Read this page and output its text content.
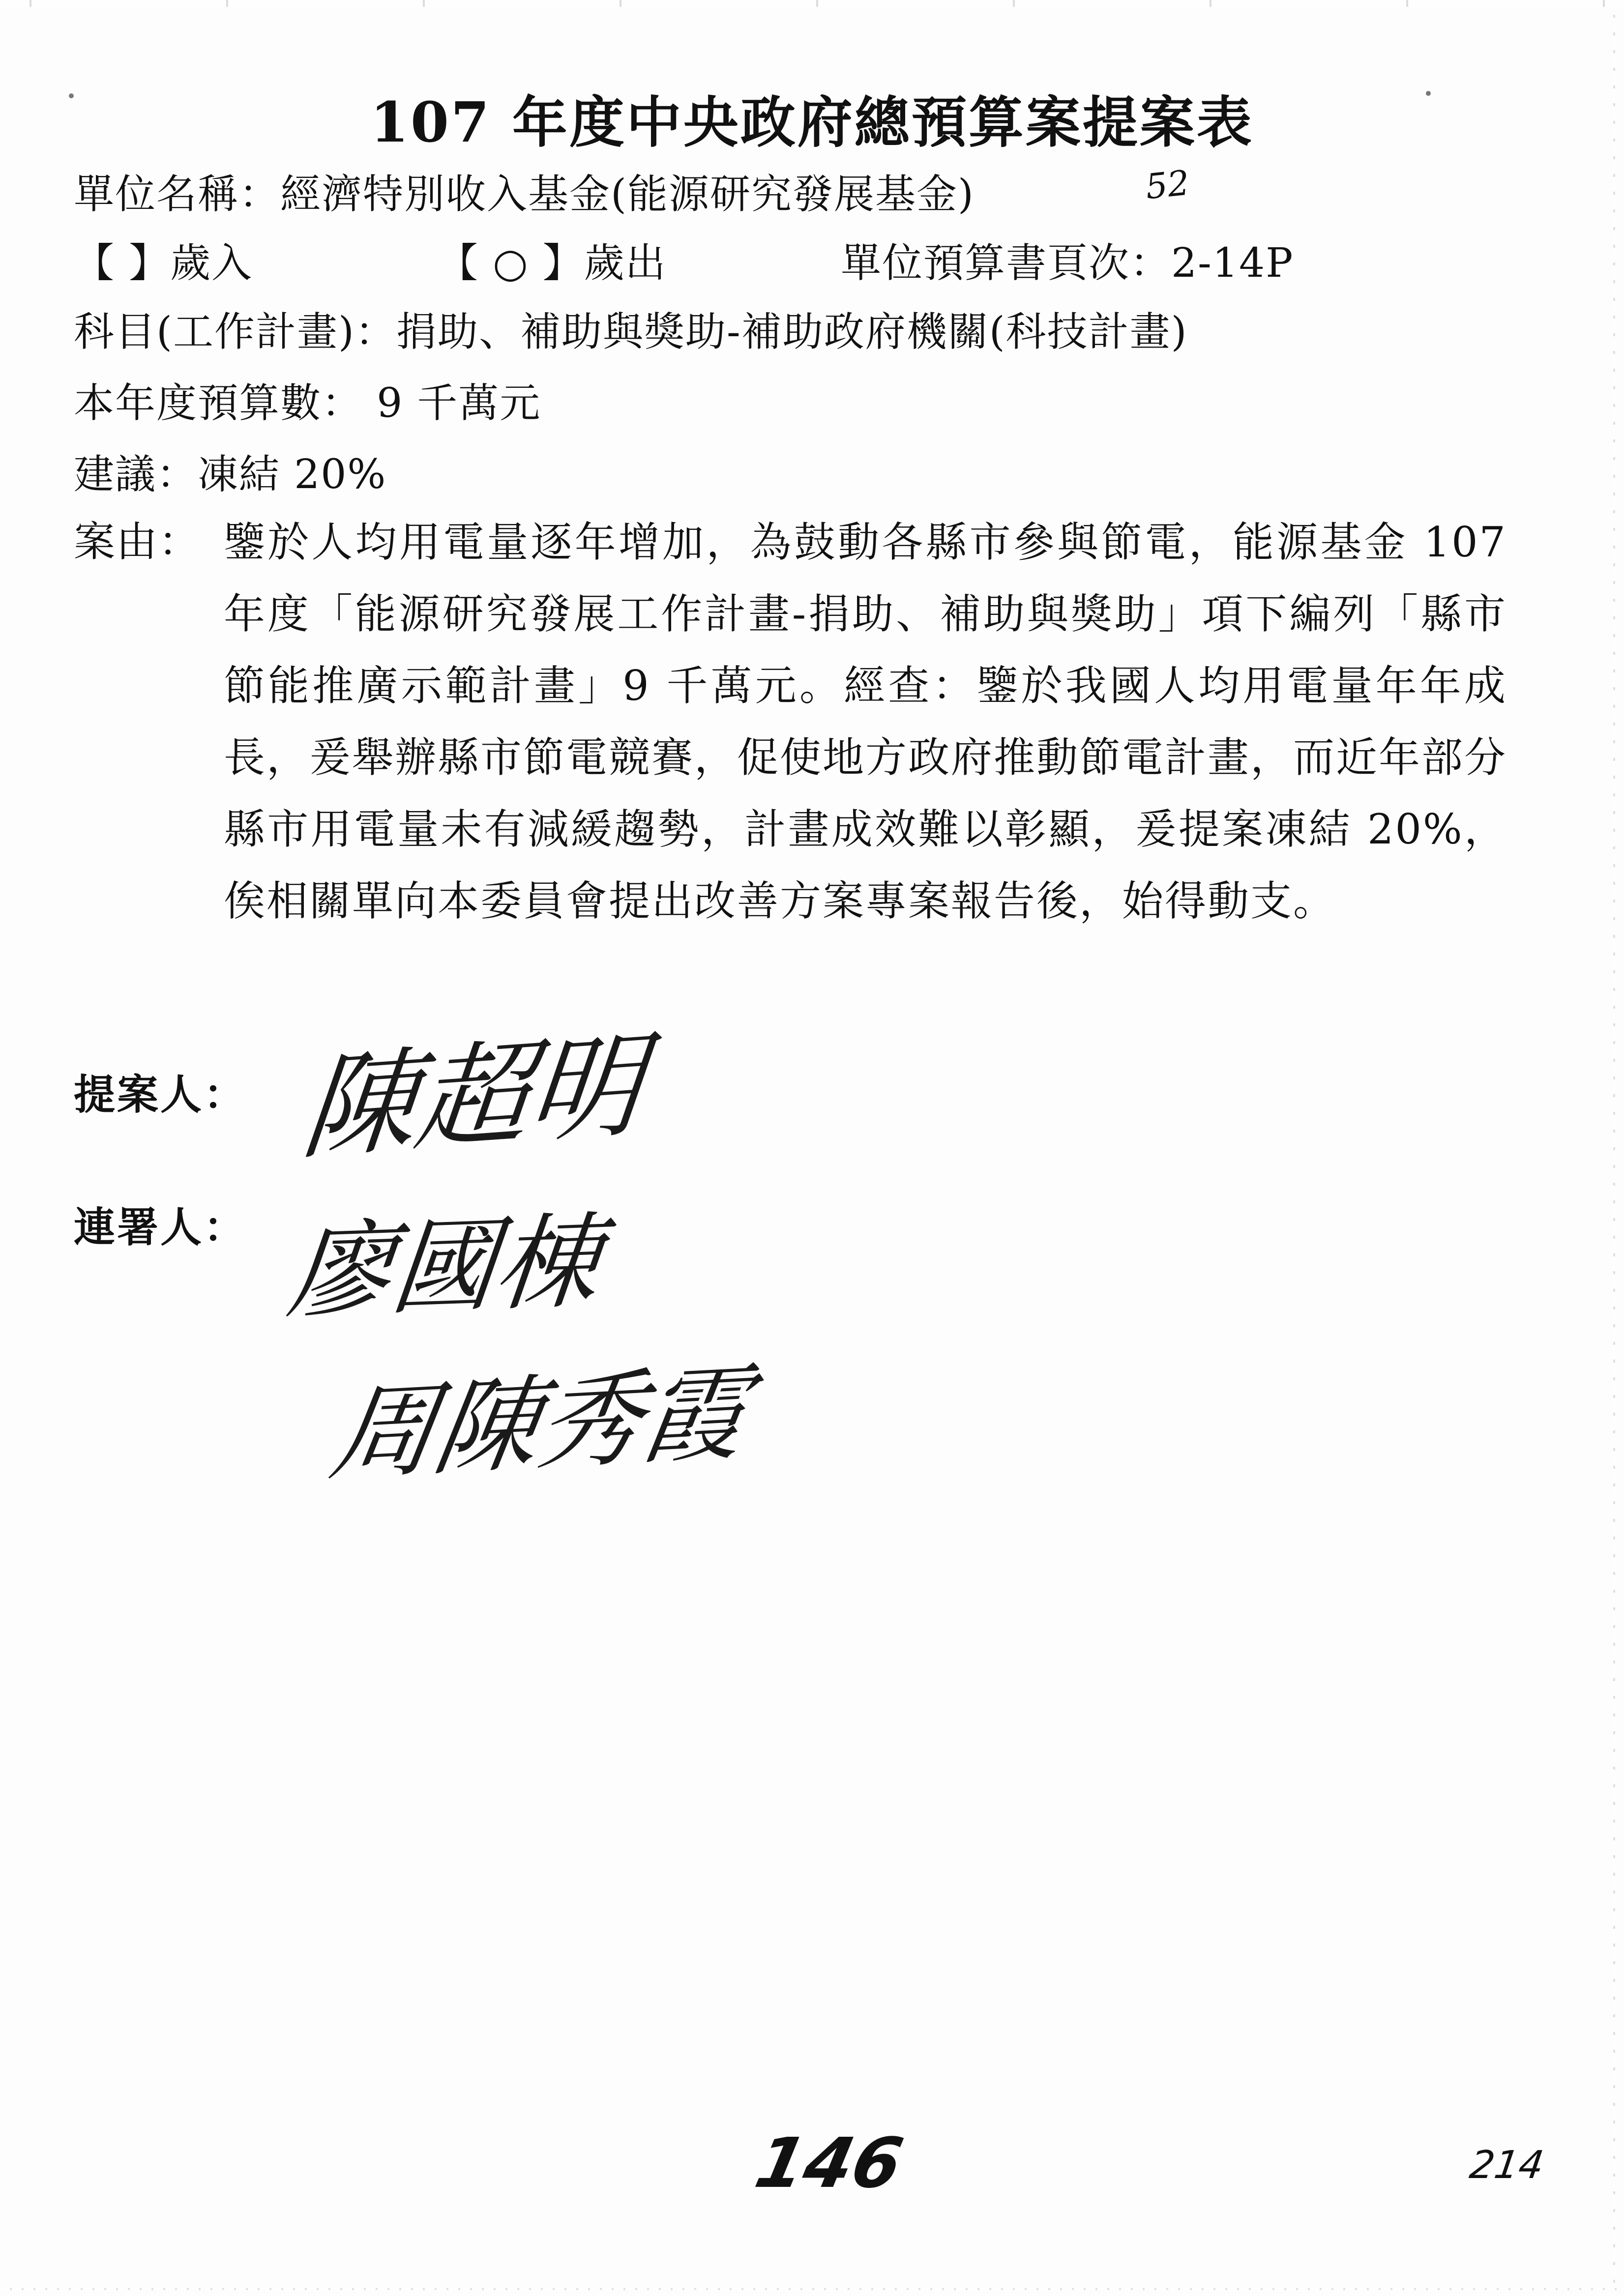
107 年度中央政府總預算案提案表
單位名稱：經濟特別收入基金(能源研究發展基金)	52
【 】歲入	【 ○ 】歲出	單位預算書頁次：2-14P
科目(工作計畫)：捐助、補助與獎助-補助政府機關(科技計畫)
本年度預算數： 9 千萬元
建議：凍結 20%
案由： 鑒於人均用電量逐年增加，為鼓動各縣市參與節電，能源基金 107 年度「能源研究發展工作計畫-捐助、補助與獎助」項下編列「縣市節能推廣示範計畫」9 千萬元。經查：鑒於我國人均用電量年年成長，爰舉辦縣市節電競賽，促使地方政府推動節電計畫，而近年部分縣市用電量未有減緩趨勢，計畫成效難以彰顯，爰提案凍結 20%，俟相關單向本委員會提出改善方案專案報告後，始得動支。
提案人： 陳超明
連署人： 廖國棟
周陳秀霞
146	214
